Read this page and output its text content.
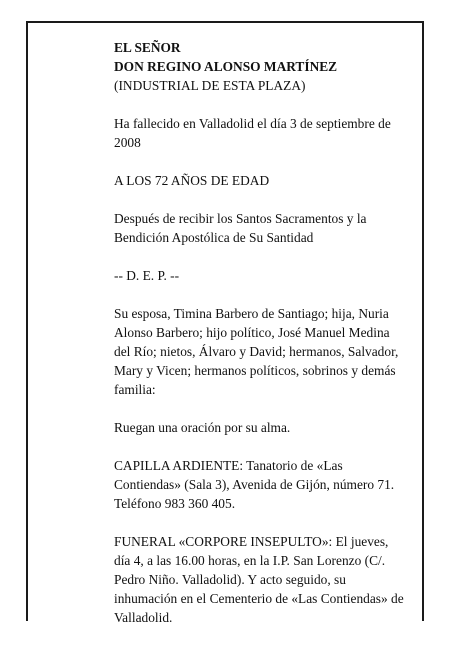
EL SEÑOR
DON REGINO ALONSO MARTÍNEZ
(INDUSTRIAL DE ESTA PLAZA)

Ha fallecido en Valladolid el día 3 de septiembre de 2008

A LOS 72 AÑOS DE EDAD

Después de recibir los Santos Sacramentos y la Bendición Apostólica de Su Santidad

-- D. E. P. --

Su esposa, Timina Barbero de Santiago; hija, Nuria Alonso Barbero; hijo político, José Manuel Medina del Río; nietos, Álvaro y David; hermanos, Salvador, Mary y Vicen; hermanos políticos, sobrinos y demás familia:

Ruegan una oración por su alma.

CAPILLA ARDIENTE: Tanatorio de «Las Contiendas» (Sala 3), Avenida de Gijón, número 71. Teléfono 983 360 405.

FUNERAL «CORPORE INSEPULTO»: El jueves, día 4, a las 16.00 horas, en la I.P. San Lorenzo (C/. Pedro Niño. Valladolid). Y acto seguido, su inhumación en el Cementerio de «Las Contiendas» de Valladolid.
